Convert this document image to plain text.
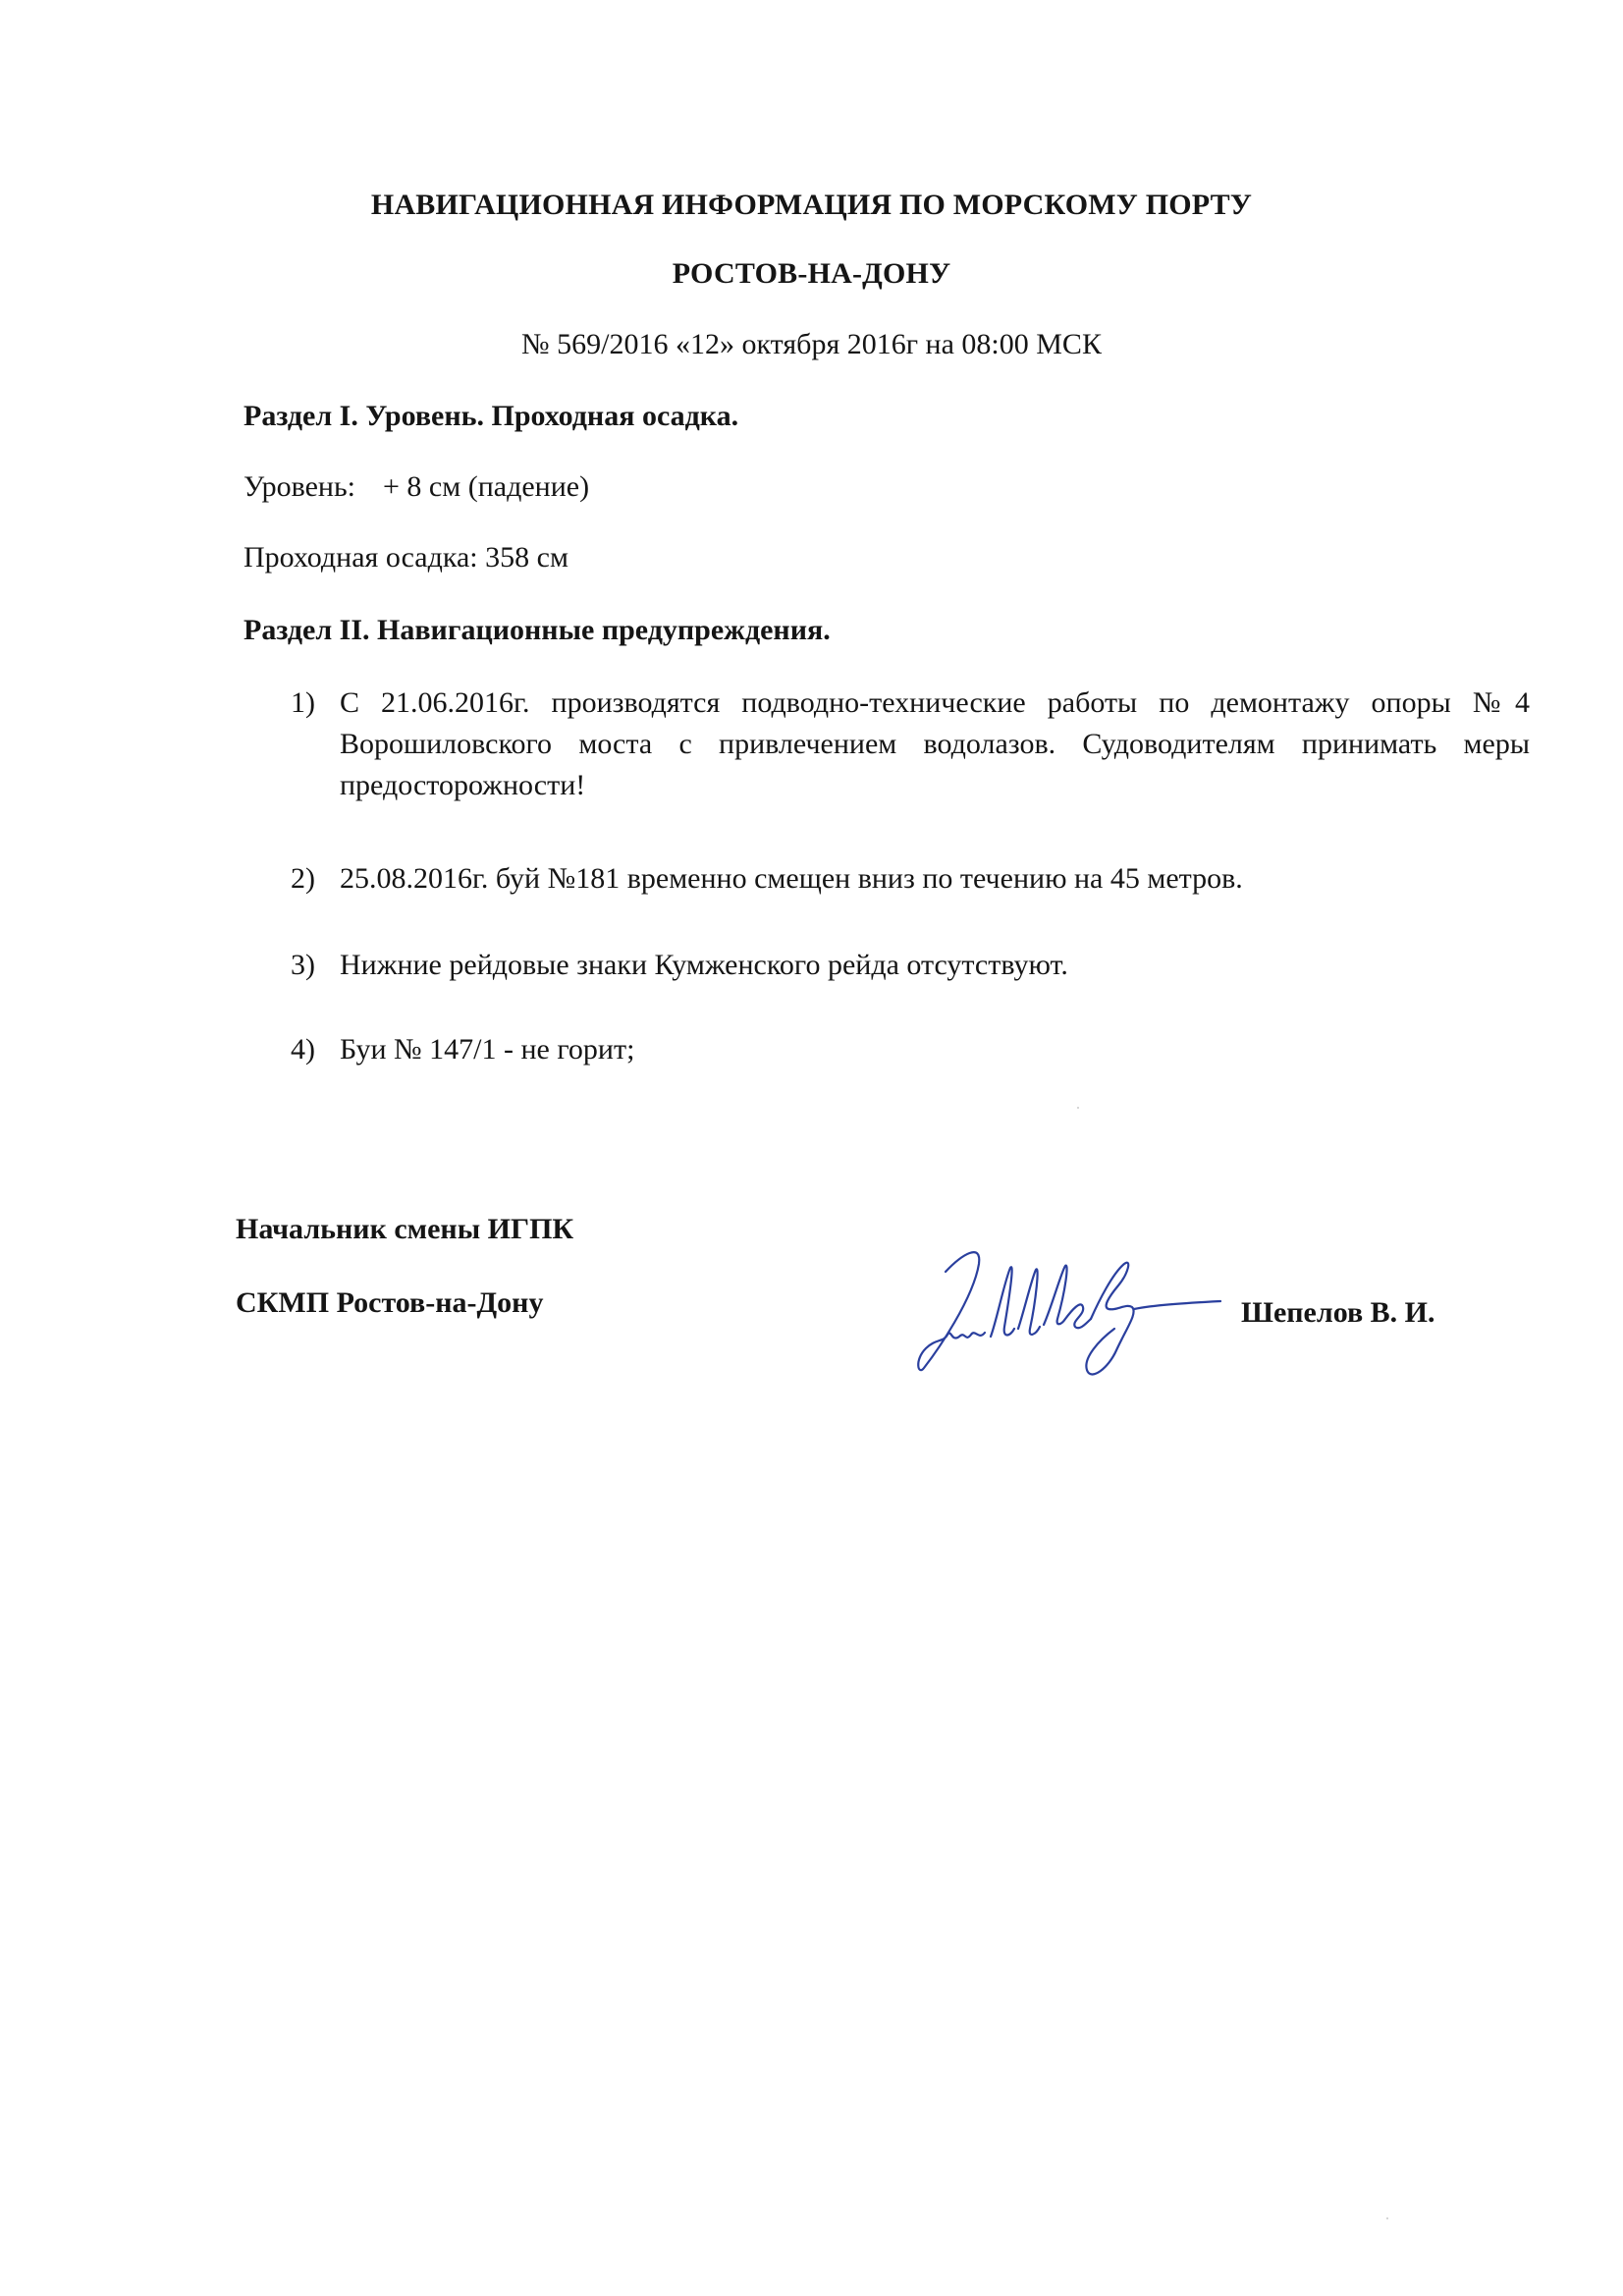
НАВИГАЦИОННАЯ ИНФОРМАЦИЯ ПО МОРСКОМУ ПОРТУ
РОСТОВ-НА-ДОНУ
№ 569/2016 «12» октября 2016г на 08:00 МСК
Раздел I. Уровень. Проходная осадка.
Уровень: + 8 см (падение)
Проходная осадка: 358 см
Раздел II. Навигационные предупреждения.
1) С 21.06.2016г. производятся подводно-технические работы по демонтажу опоры №4 Ворошиловского моста с привлечением водолазов. Судоводителям принимать меры предосторожности!
2) 25.08.2016г. буй №181 временно смещен вниз по течению на 45 метров.
3) Нижние рейдовые знаки Кумженского рейда отсутствуют.
4) Буи № 147/1 - не горит;
Начальник смены ИГПК
СКМП Ростов-на-Дону	Шепелов В. И.
